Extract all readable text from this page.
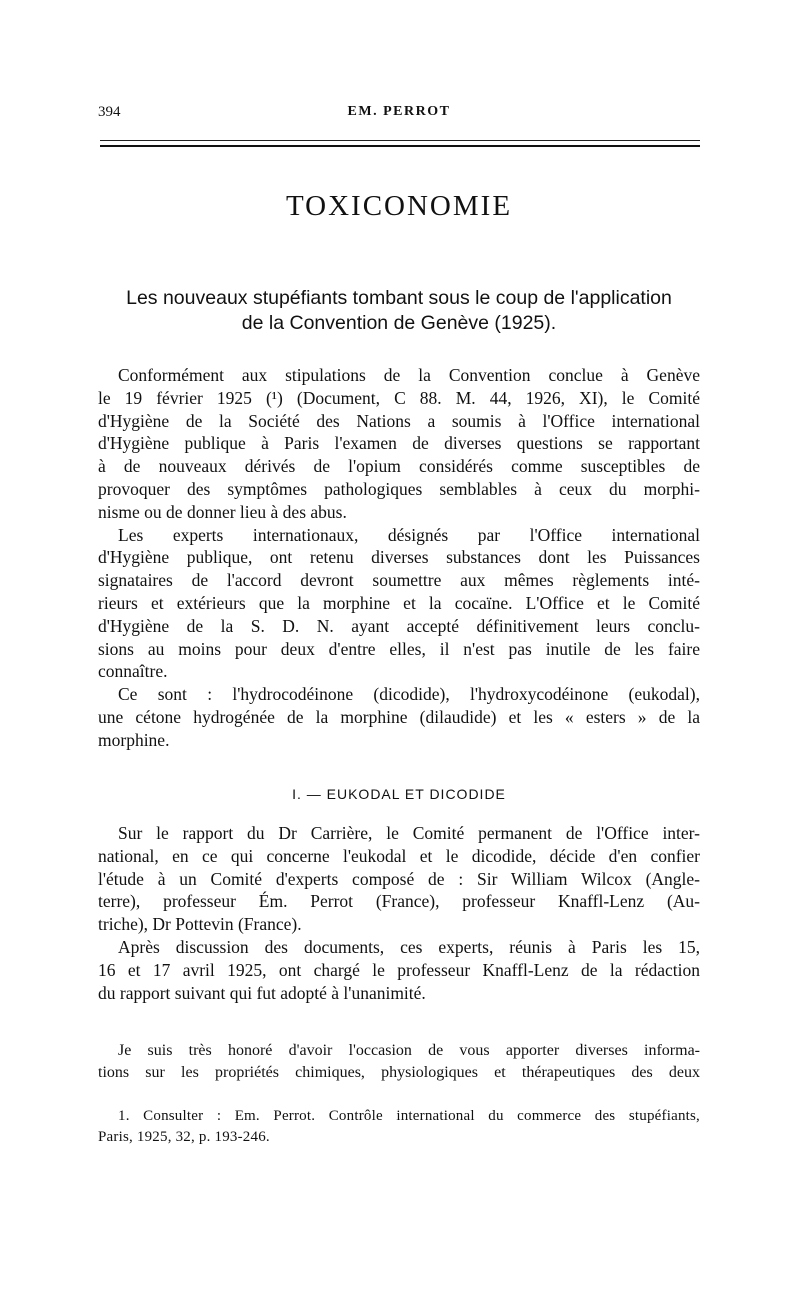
394	EM. PERROT
TOXICONOMIE
Les nouveaux stupéfiants tombant sous le coup de l'application
de la Convention de Genève (1925).
Conformément aux stipulations de la Convention conclue à Genève
le 19 février 1925 (¹) (Document, C 88. M. 44, 1926, XI), le Comité
d'Hygiène de la Société des Nations a soumis à l'Office international
d'Hygiène publique à Paris l'examen de diverses questions se rapportant
à de nouveaux dérivés de l'opium considérés comme susceptibles de
provoquer des symptômes pathologiques semblables à ceux du morphi-
nisme ou de donner lieu à des abus.
Les experts internationaux, désignés par l'Office international
d'Hygiène publique, ont retenu diverses substances dont les Puissances
signataires de l'accord devront soumettre aux mêmes règlements inté-
rieurs et extérieurs que la morphine et la cocaïne. L'Office et le Comité
d'Hygiène de la S. D. N. ayant accepté définitivement leurs conclu-
sions au moins pour deux d'entre elles, il n'est pas inutile de les faire
connaître.
Ce sont : l'hydrocodéinone (dicodide), l'hydroxycodéinone (eukodal),
une cétone hydrogénée de la morphine (dilaudide) et les « esters » de la
morphine.
I. — EUKODAL ET DICODIDE
Sur le rapport du Dr Carrière, le Comité permanent de l'Office inter-
national, en ce qui concerne l'eukodal et le dicodide, décide d'en confier
l'étude à un Comité d'experts composé de : Sir William Wilcox (Angle-
terre), professeur Ém. Perrot (France), professeur Knaffl-Lenz (Au-
triche), Dr Pottevin (France).
Après discussion des documents, ces experts, réunis à Paris les 15,
16 et 17 avril 1925, ont chargé le professeur Knaffl-Lenz de la rédaction
du rapport suivant qui fut adopté à l'unanimité.
Je suis très honoré d'avoir l'occasion de vous apporter diverses informa-
tions sur les propriétés chimiques, physiologiques et thérapeutiques des deux
1. Consulter : Em. Perrot. Contrôle international du commerce des stupéfiants,
Paris, 1925, 32, p. 193-246.
